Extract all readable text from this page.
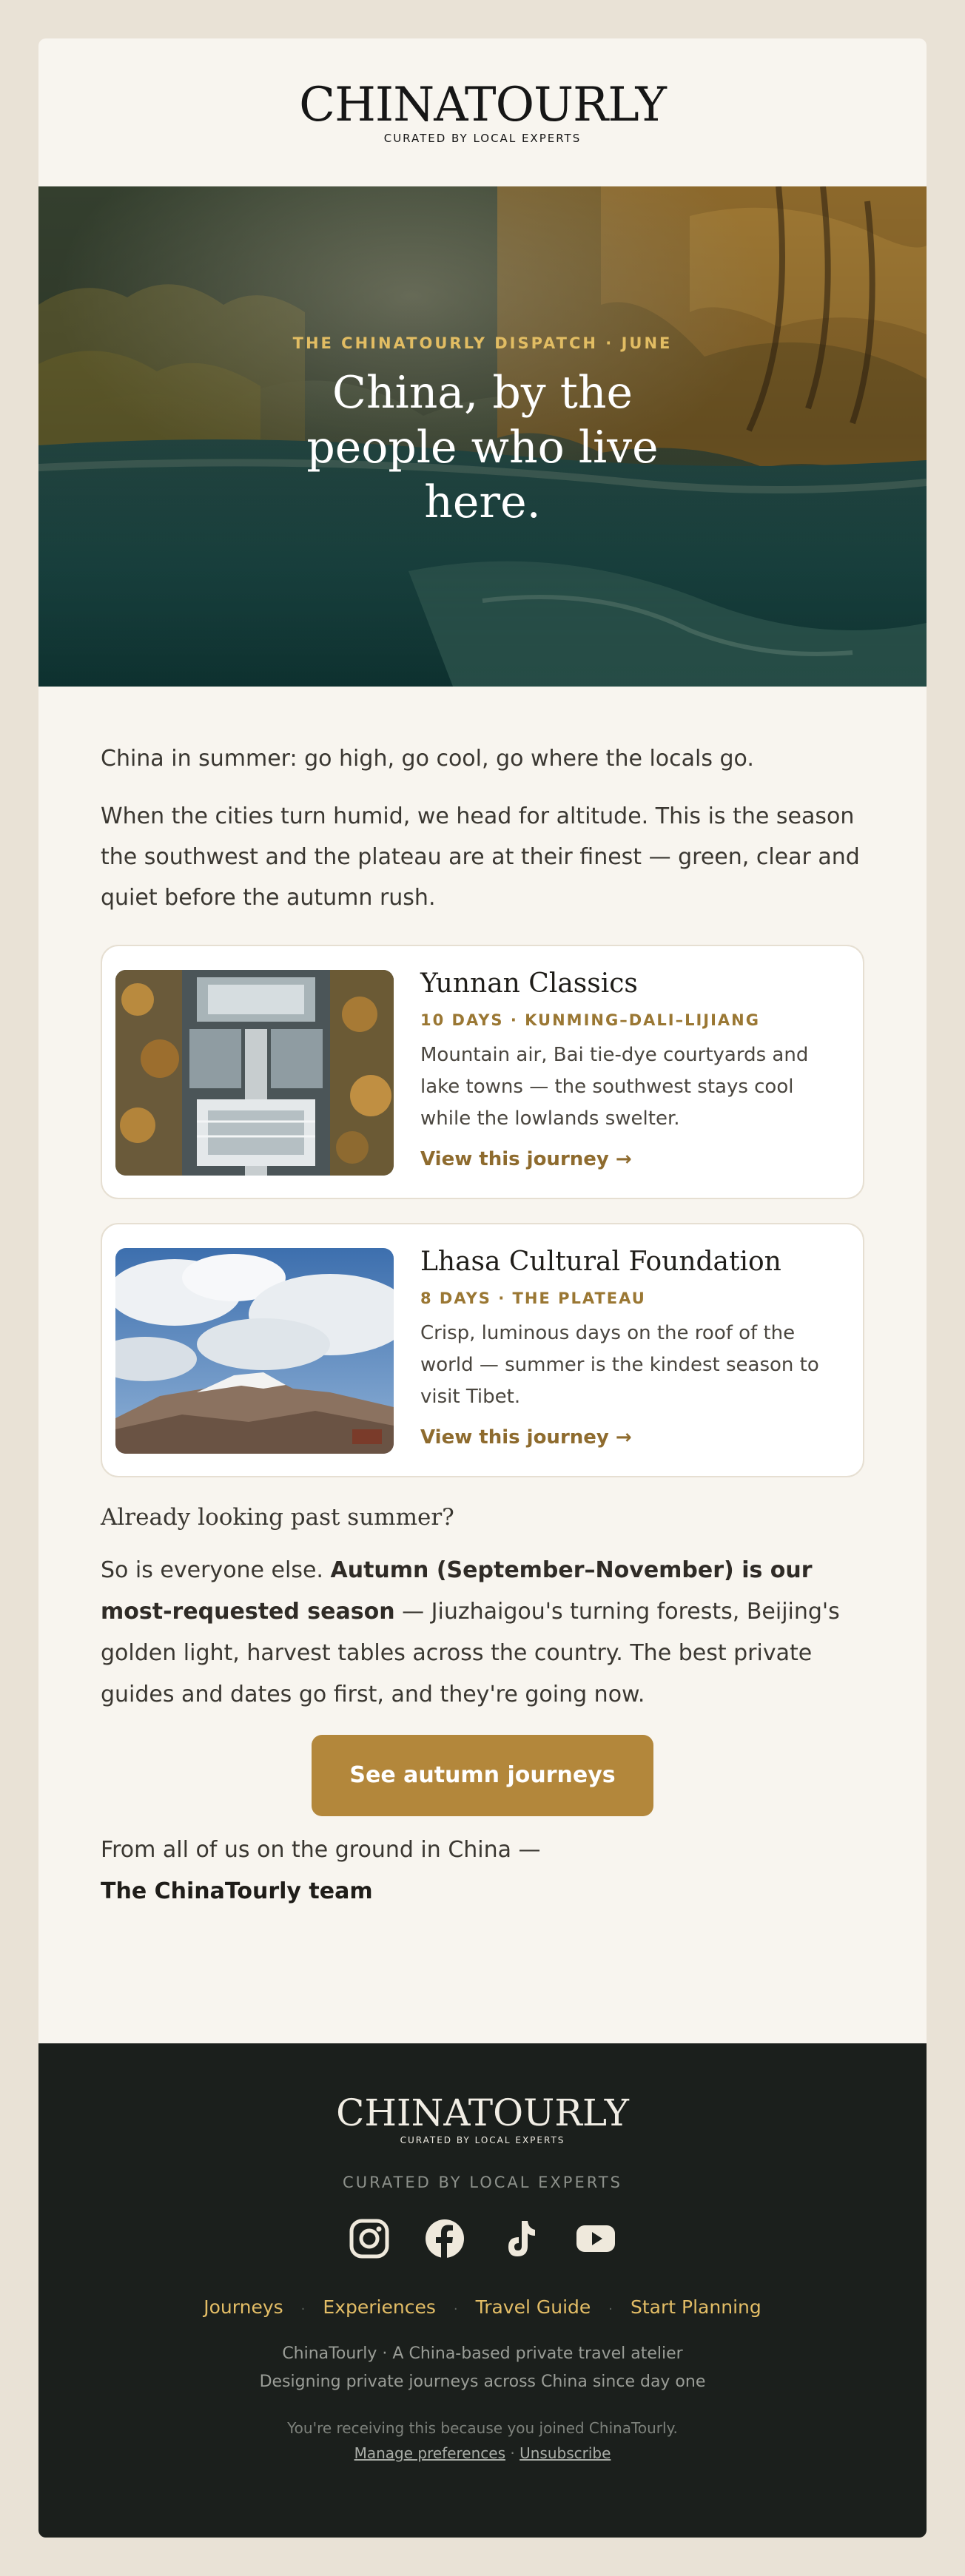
CHINATOURLY
CURATED BY LOCAL EXPERTS
THE CHINATOURLY DISPATCH · JUNE
China, by the people who live here.
China in summer: go high, go cool, go where the locals go.
When the cities turn humid, we head for altitude. This is the season the southwest and the plateau are at their finest — green, clear and quiet before the autumn rush.
Yunnan Classics
10 DAYS · KUNMING–DALI–LIJIANG
Mountain air, Bai tie-dye courtyards and lake towns — the southwest stays cool while the lowlands swelter.
View this journey →
Lhasa Cultural Foundation
8 DAYS · THE PLATEAU
Crisp, luminous days on the roof of the world — summer is the kindest season to visit Tibet.
View this journey →
Already looking past summer?
So is everyone else. Autumn (September–November) is our most-requested season — Jiuzhaigou's turning forests, Beijing's golden light, harvest tables across the country. The best private guides and dates go first, and they're going now.
See autumn journeys
From all of us on the ground in China —
The ChinaTourly team
CHINATOURLY
CURATED BY LOCAL EXPERTS
CURATED BY LOCAL EXPERTS
Journeys · Experiences · Travel Guide · Start Planning
ChinaTourly · A China-based private travel atelier
Designing private journeys across China since day one
You're receiving this because you joined ChinaTourly.
Manage preferences · Unsubscribe
